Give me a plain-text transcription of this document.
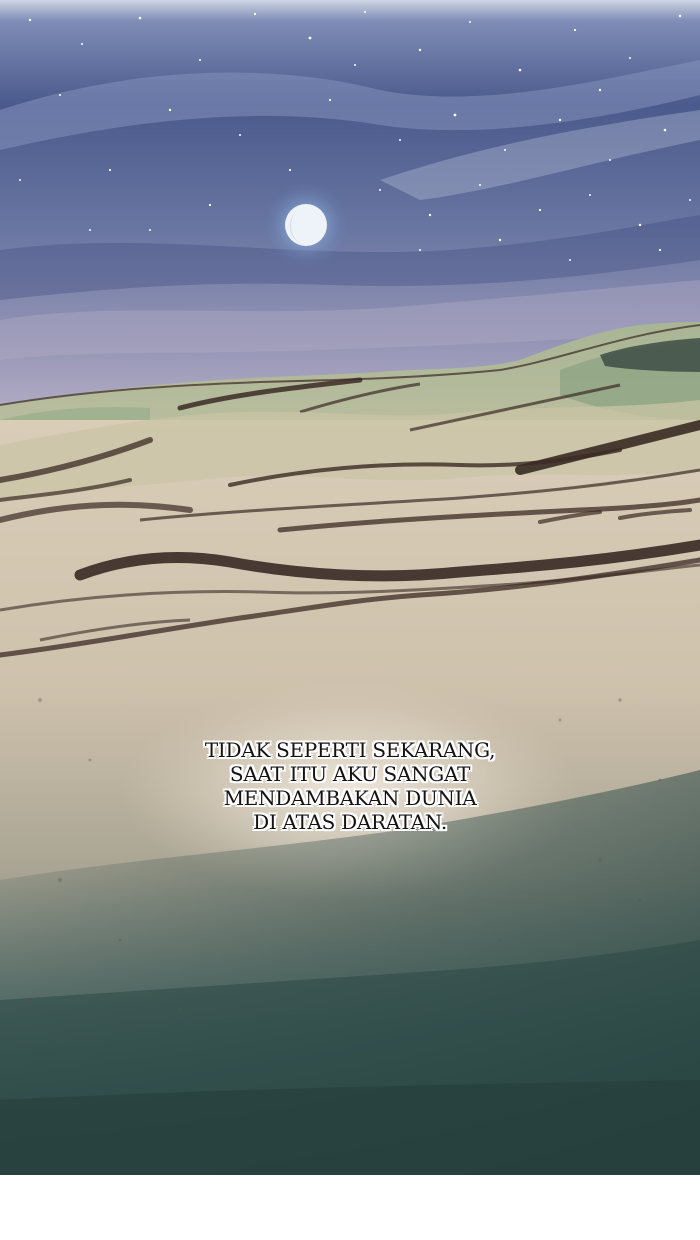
TIDAK SEPERTI SEKARANG,
SAAT ITU AKU SANGAT
MENDAMBAKAN DUNIA
DI ATAS DARATAN.
